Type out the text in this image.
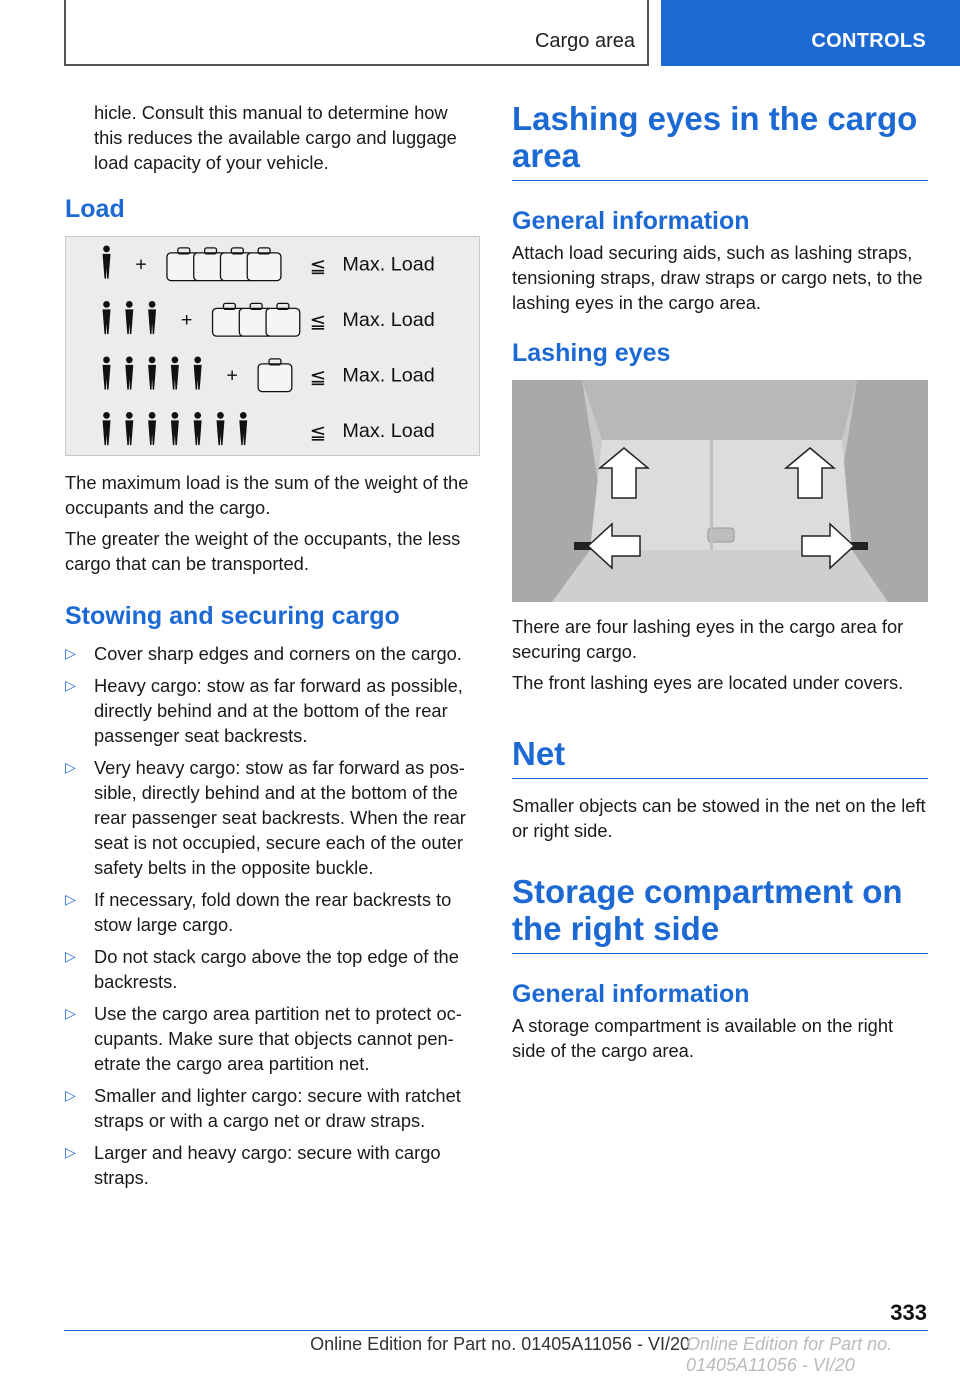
Cargo area	CONTROLS

hicle. Consult this manual to determine how this reduces the available cargo and luggage load capacity of your vehicle.

Load
+	≦ Max. Load
+	≦ Max. Load
+	≦ Max. Load
≦ Max. Load

The maximum load is the sum of the weight of the occupants and the cargo.

The greater the weight of the occupants, the less cargo that can be transported.

Stowing and securing cargo
▷ Cover sharp edges and corners on the cargo.
▷ Heavy cargo: stow as far forward as possible, directly behind and at the bottom of the rear passenger seat backrests.
▷ Very heavy cargo: stow as far forward as pos-sible, directly behind and at the bottom of the rear passenger seat backrests. When the rear seat is not occupied, secure each of the outer safety belts in the opposite buckle.
▷ If necessary, fold down the rear backrests to stow large cargo.
▷ Do not stack cargo above the top edge of the backrests.
▷ Use the cargo area partition net to protect oc-cupants. Make sure that objects cannot pen-etrate the cargo area partition net.
▷ Smaller and lighter cargo: secure with ratchet straps or with a cargo net or draw straps.
▷ Larger and heavy cargo: secure with cargo straps.
Lashing eyes in the cargo area
General information

Attach load securing aids, such as lashing straps, tensioning straps, draw straps or cargo nets, to the lashing eyes in the cargo area.

Lashing eyes

There are four lashing eyes in the cargo area for securing cargo.

The front lashing eyes are located under covers.

Net

Smaller objects can be stowed in the net on the left or right side.

Storage compartment on the right side
General information

A storage compartment is available on the right side of the cargo area.

333
Online Edition for Part no. 01405A11056 - VI/20
Online Edition for Part no. 01405A11056 - VI/20
